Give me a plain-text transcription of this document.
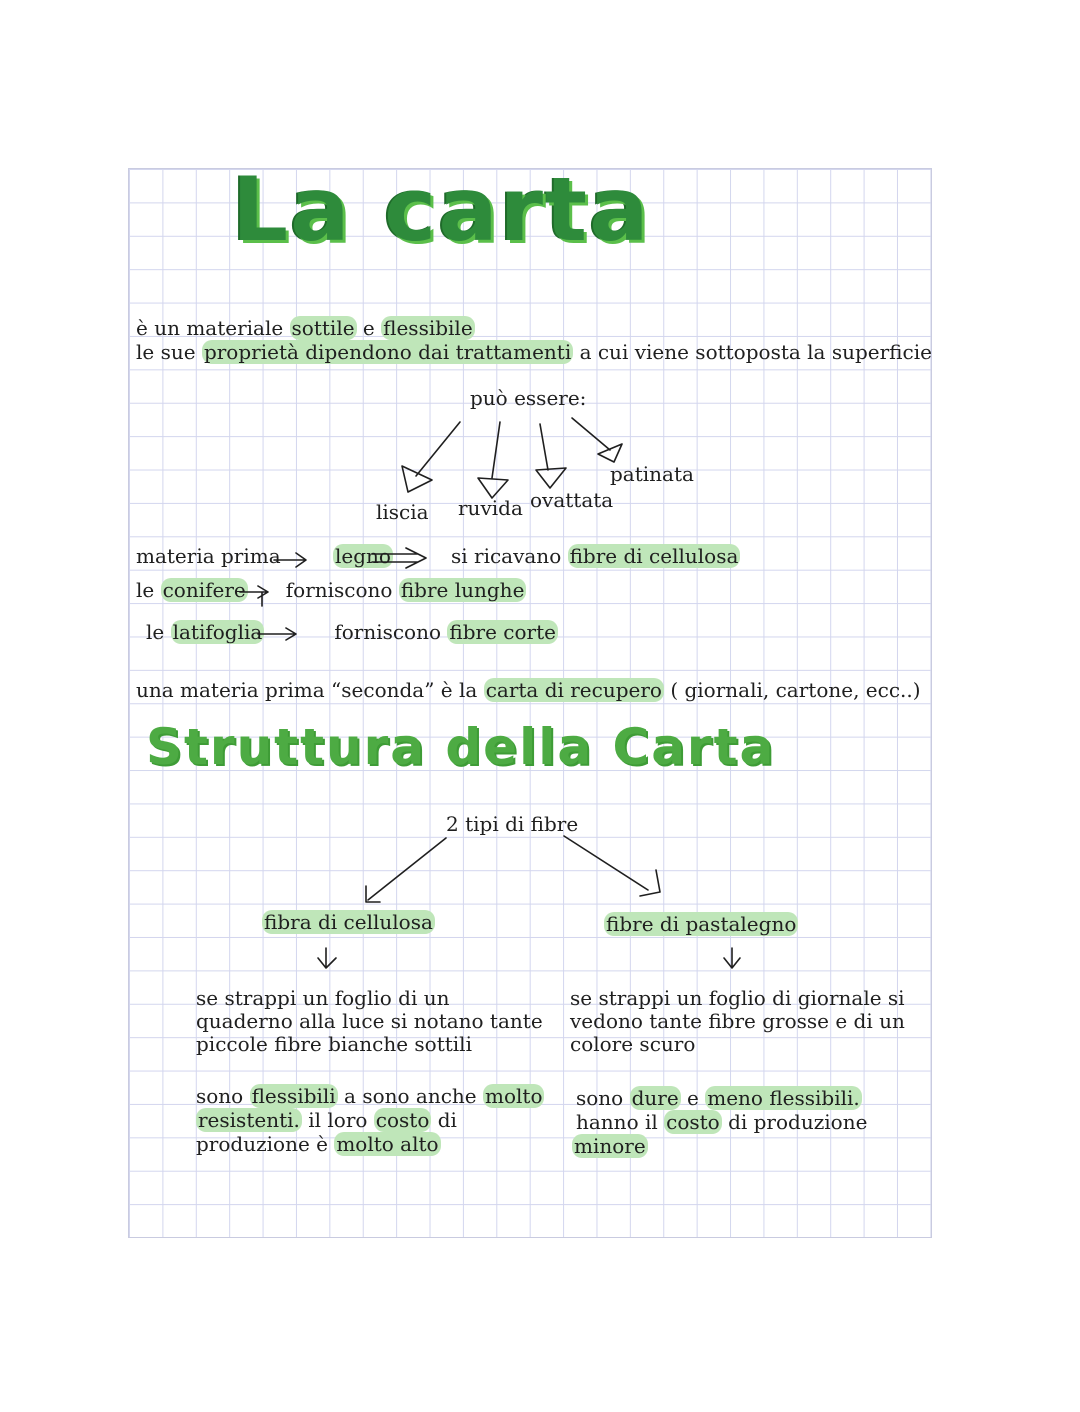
La carta
è un materiale sottile e flessibile
le sue proprietà dipendono dai trattamenti a cui viene sottoposta la superficie
può essere:
liscia ruvida ovattata
patinata
materia prima	legno	si ricavano fibre di cellulosa
le conifere forniscono fibre lunghe
le latifoglia	forniscono fibre corte
una materia prima “seconda” è la carta di recupero ( giornali, cartone, ecc..)
Struttura della Carta
2 tipi di fibre
fibra di cellulosa	fibre di pastalegno
se strappi un foglio di un
quaderno alla luce si notano tante
piccole fibre bianche sottili
se strappi un foglio di giornale si
vedono tante fibre grosse e di un
colore scuro
sono flessibili a sono anche molto
resistenti. il loro costo di
produzione è molto alto
sono dure e meno flessibili.
hanno il costo di produzione
minore
